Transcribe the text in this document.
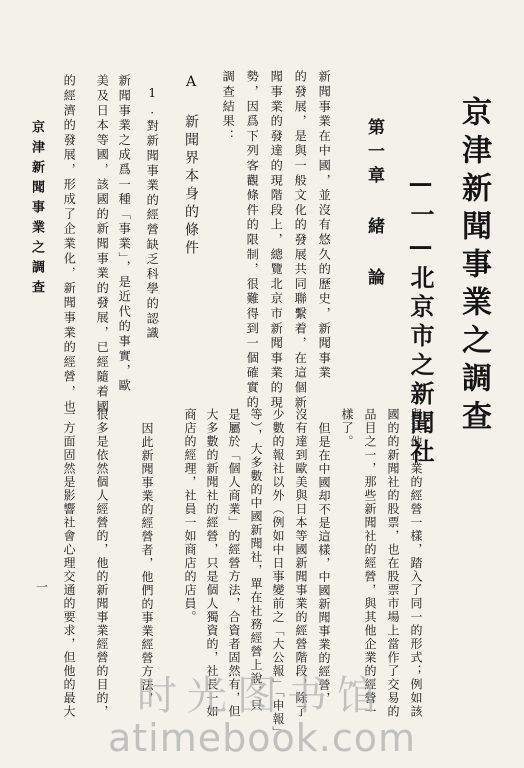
京津新聞事業之調查
—一—北京市之新聞社
第一章 緒 論
新聞事業在中國，並沒有悠久的歷史，新聞事業
的發展，是與一般文化的發展共同聯繫着，在這個新
聞事業的發達的現階段上，總覽北京市新聞事業的現
勢，因爲下列客觀條件的限制，很難得到一個確實的
調查結果：
A 新聞界本身的條件
1.對新聞事業的經營缺乏科學的認識
新聞事業之成爲一種「事業」，是近代的事實，歐
美及日本等國，該國的新聞事業的發展，已經隨着國
的經濟的發展，形成了企業化，新聞事業的經營，也
京津新聞事業之調查
與其他企業的經營一樣，踏入了同一的形式；例如該
國的的新聞社的股票，也在股票市場上當作了交易的
品目之一，那些新聞社的經營，與其他企業的經營一
樣了。
但是在中國却不是這樣，中國新聞事業的經營，
沒有達到歐美與日本等國新聞事業的經營階段，除了
少數的報社以外（例如中日事變前之「大公報」「申報」
等），大多數的中國新聞社，單在社務經營上說，只
是屬於「個人商業」的經營方法，合資者固然有，但
大多數的新聞社的經營，只是個人獨資的，社長一如
商店的經理，社員一如商店的店員。
因此新聞事業的經營者，他們的事業經營方法，
很多是依然個人經營的，他的新聞事業經營的目的，
一方面固然是影響社會心理交通的要求，但他的最大
一
时光图书馆
atimebook.com
